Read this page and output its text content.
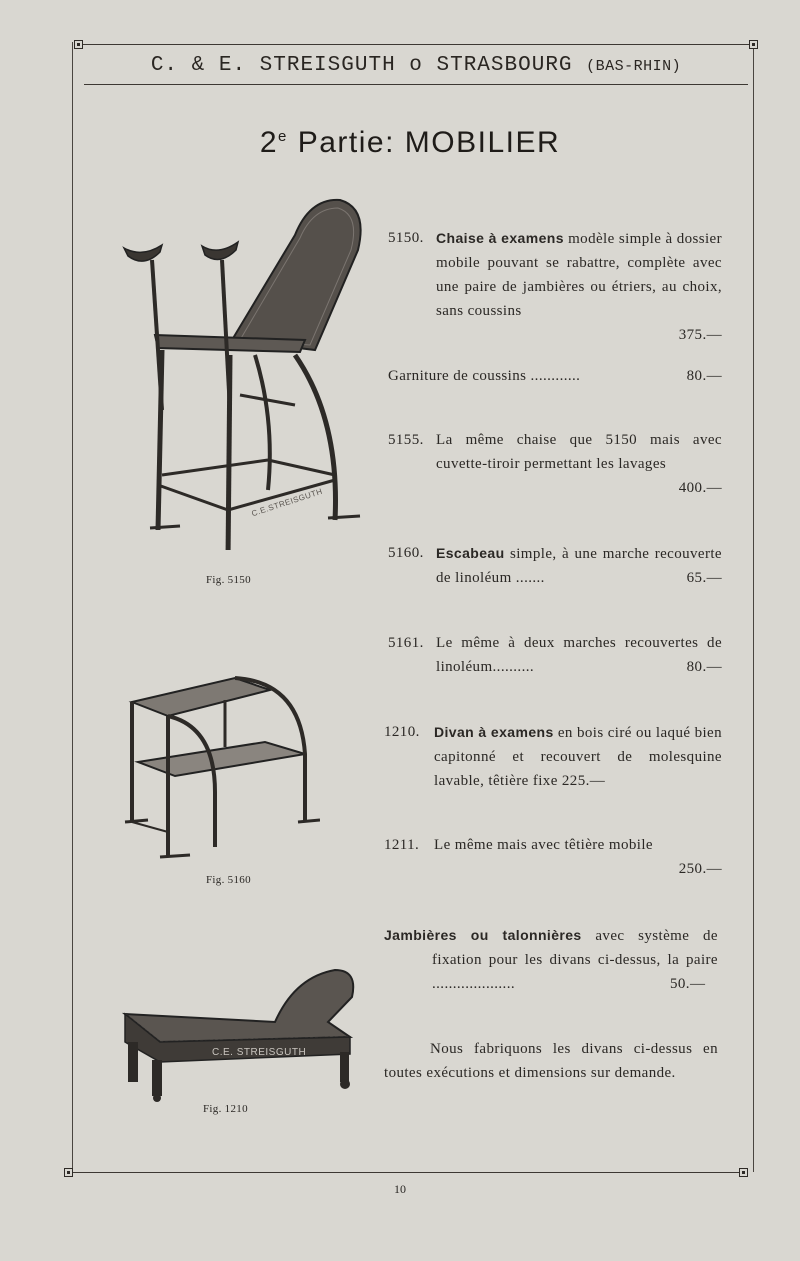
C. & E. STREISGUTH o STRASBOURG (BAS-RHIN)
2e Partie: MOBILIER
C.E.STREISGUTH
Fig. 5150
Fig. 5160
C.E. STREISGUTH
Fig. 1210
5150. Chaise à examens modèle simple à dossier mobile pouvant se rabattre, complète avec une paire de jambières ou étriers, au choix, sans coussins
375.—
Garniture de coussins ............	80.—
5155. La même chaise que 5150 mais avec cuvette-tiroir permettant les lavages
400.—
5160. Escabeau simple, à une marche recouverte de linoléum .......	65.—
5161. Le même à deux marches recouvertes de linoléum..........	80.—
1210.	Divan à examens en bois ciré ou laqué bien capitonné et recouvert de molesquine lavable, têtière fixe 225.—
1211. Le même mais avec têtière mobile
250.—
Jambières ou talonnières avec système de fixation pour les divans ci-dessus, la paire ....................	50.—
Nous fabriquons les divans ci-dessus en toutes exécutions et dimensions sur demande.
10
